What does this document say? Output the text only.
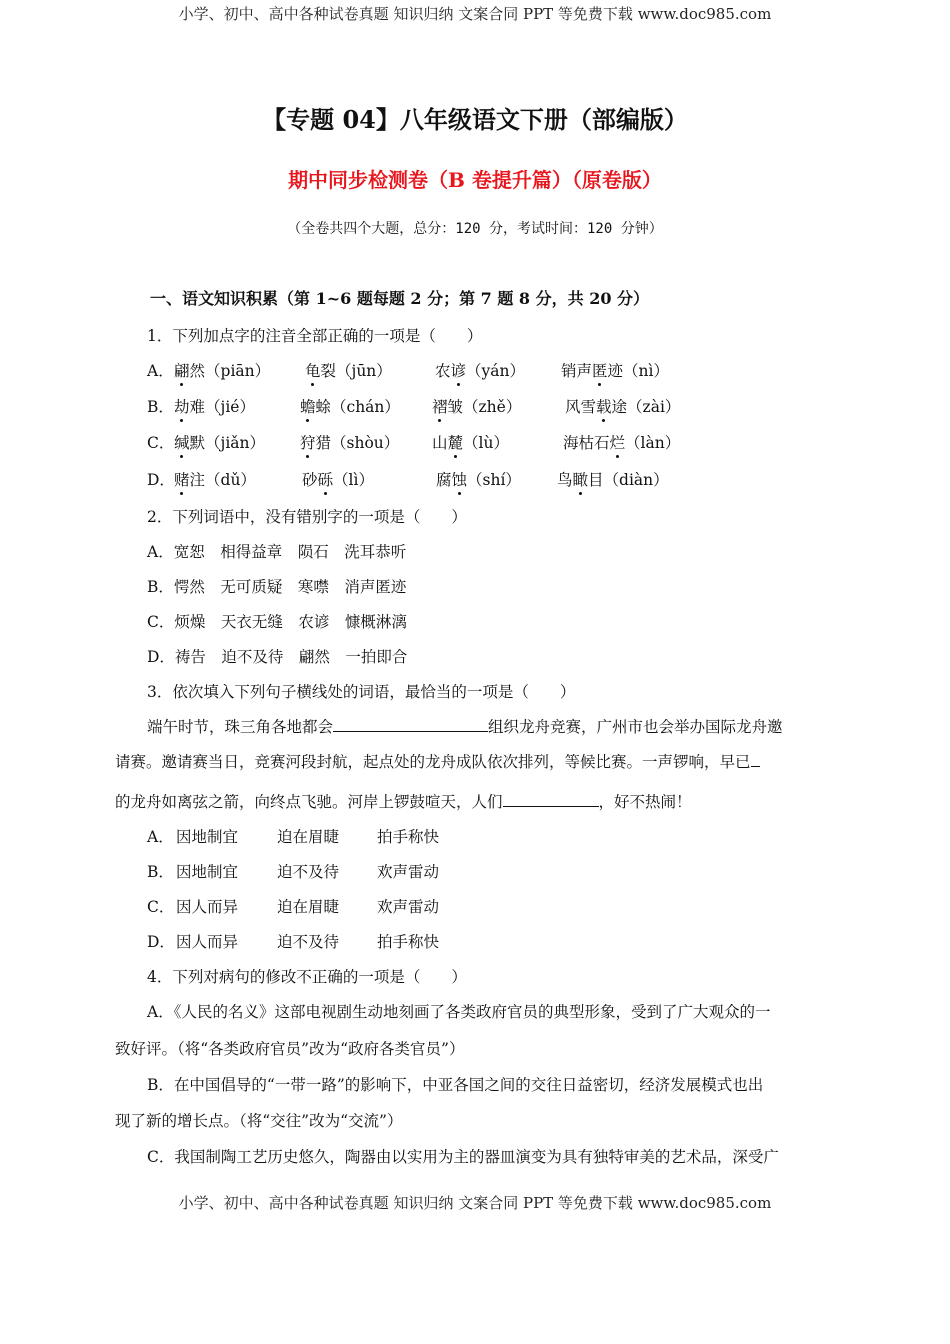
小学、初中、高中各种试卷真题 知识归纳 文案合同 PPT 等免费下载 www.doc985.com
【专题 04】八年级语文下册（部编版）
期中同步检测卷（B 卷提升篇）（原卷版）
（全卷共四个大题，总分：120 分，考试时间：120 分钟）
一、语文知识积累（第 1~6 题每题 2 分；第 7 题 8 分，共 20 分）
1．下列加点字的注音全部正确的一项是（　　）
A． 翩然（piān） 龟裂（jūn）	农谚（yán） 销声匿迹（nì）
B． 劫难（jié）	蟾蜍（chán） 褶皱（zhě）	风雪载途（zài）
C． 缄默（jiǎn） 狩猎（shòu） 山麓（lù）	海枯石烂（làn）
D． 赌注（dǔ）	砂砾（lì）	腐蚀（shí） 鸟瞰目（diàn）
2．下列词语中，没有错别字的一项是（　　）
A．宽恕　相得益章　陨石　洗耳恭听
B．愕然　无可质疑　寒噤　消声匿迹
C．烦燥　天衣无缝　农谚　慷概淋漓
D．祷告　迫不及待　翩然　一拍即合
3．依次填入下列句子横线处的词语，最恰当的一项是（　　）
端午时节，珠三角各地都会	组织龙舟竞赛，广州市也会举办国际龙舟邀
请赛。邀请赛当日，竞赛河段封航，起点处的龙舟成队依次排列，等候比赛。一声锣响，早已
的龙舟如离弦之箭，向终点飞驰。河岸上锣鼓喧天，人们	，好不热闹！
A． 因地制宜	迫在眉睫 拍手称快
B． 因地制宜	迫不及待 欢声雷动
C． 因人而异	迫在眉睫 欢声雷动
D． 因人而异	迫不及待 拍手称快
4．下列对病句的修改不正确的一项是（　　）
A．《人民的名义》这部电视剧生动地刻画了各类政府官员的典型形象，受到了广大观众的一
致好评。（将“各类政府官员”改为“政府各类官员”）
B．在中国倡导的“一带一路”的影响下，中亚各国之间的交往日益密切，经济发展模式也出
现了新的增长点。（将“交往”改为“交流”）
C．我国制陶工艺历史悠久，陶器由以实用为主的器皿演变为具有独特审美的艺术品，深受广
小学、初中、高中各种试卷真题 知识归纳 文案合同 PPT 等免费下载 www.doc985.com
